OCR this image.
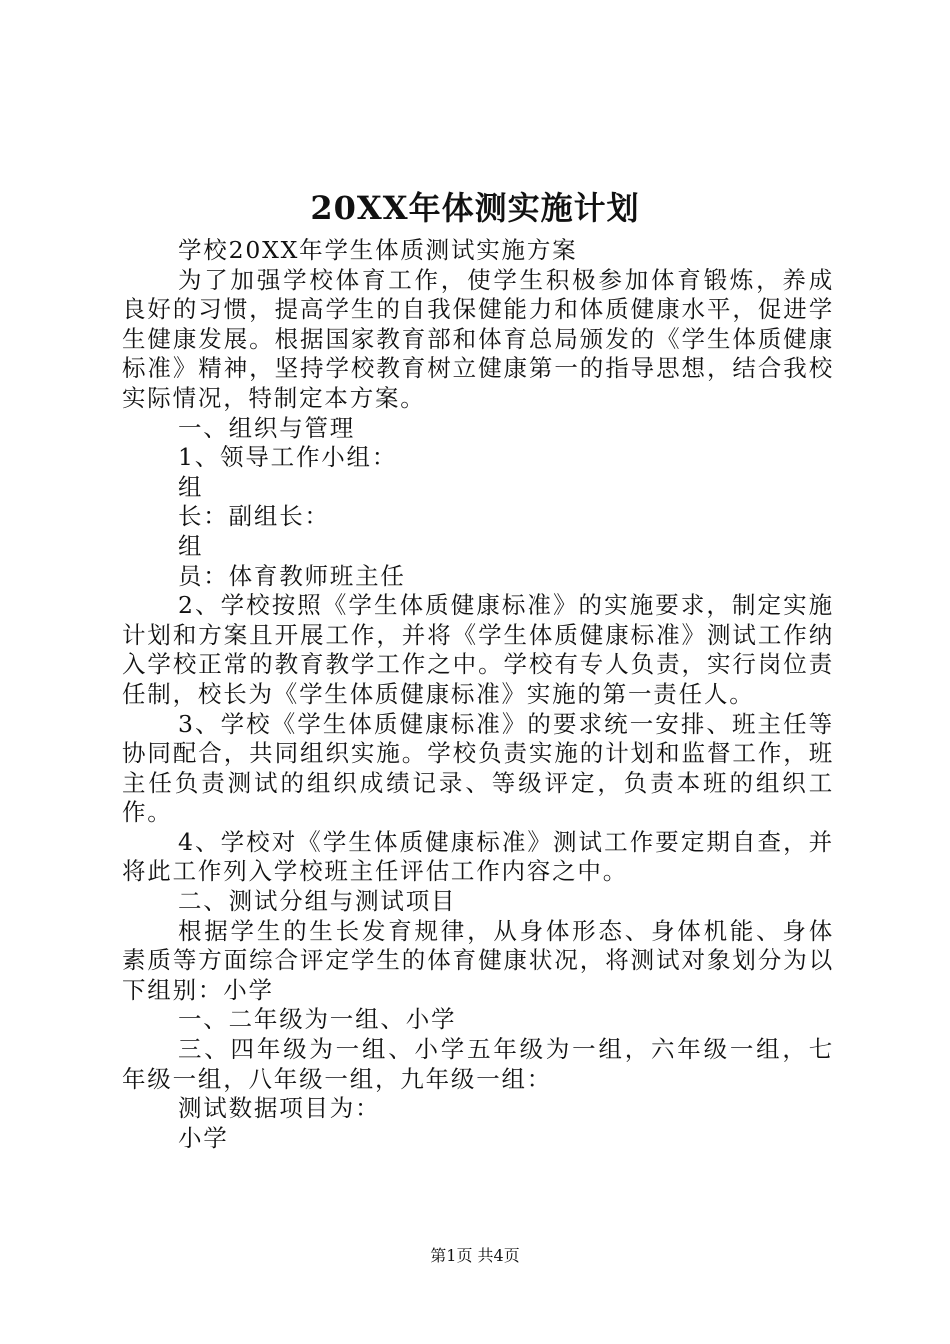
20XX年体测实施计划

学校20XX年学生体质测试实施方案

为了加强学校体育工作，使学生积极参加体育锻炼，养成良好的习惯，提高学生的自我保健能力和体质健康水平，促进学生健康发展。根据国家教育部和体育总局颁发的《学生体质健康标准》精神，坚持学校教育树立健康第一的指导思想，结合我校实际情况，特制定本方案。

一、组织与管理

1、领导工作小组：

组

长：副组长：

组

员：体育教师班主任

2、学校按照《学生体质健康标准》的实施要求，制定实施计划和方案且开展工作，并将《学生体质健康标准》测试工作纳入学校正常的教育教学工作之中。学校有专人负责，实行岗位责任制，校长为《学生体质健康标准》实施的第一责任人。

3、学校《学生体质健康标准》的要求统一安排、班主任等协同配合，共同组织实施。学校负责实施的计划和监督工作，班主任负责测试的组织成绩记录、等级评定，负责本班的组织工作。

4、学校对《学生体质健康标准》测试工作要定期自查，并将此工作列入学校班主任评估工作内容之中。

二、测试分组与测试项目

根据学生的生长发育规律，从身体形态、身体机能、身体素质等方面综合评定学生的体育健康状况，将测试对象划分为以下组别：小学

一、二年级为一组、小学

三、四年级为一组、小学五年级为一组，六年级一组，七年级一组，八年级一组，九年级一组：

测试数据项目为：

小学

第1页 共4页
